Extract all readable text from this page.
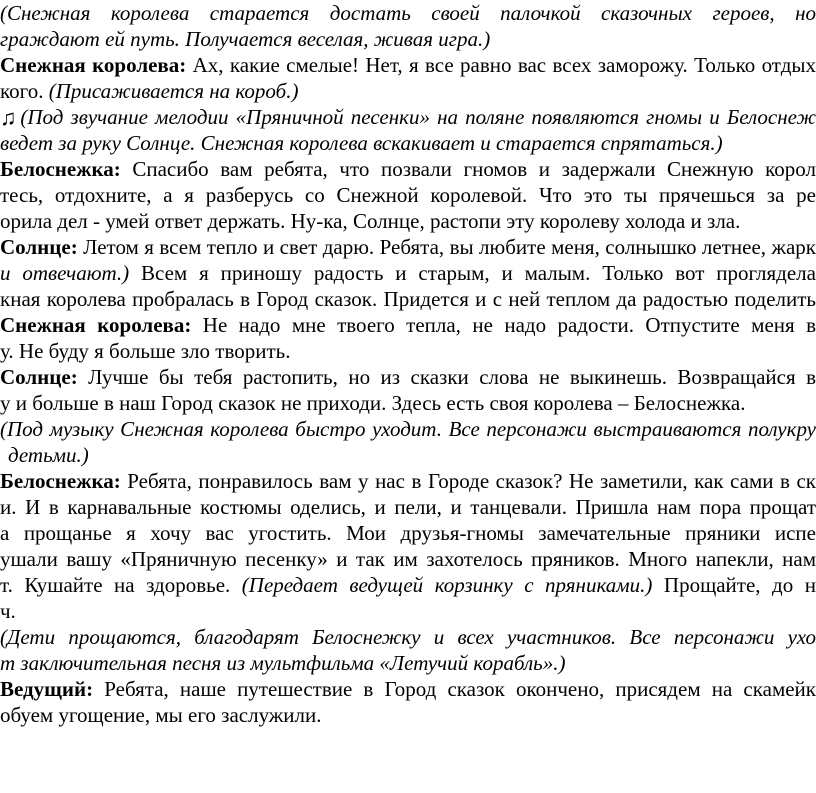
(Снежная королева старается достать своей палочкой сказочных героев, но
граждают ей путь. Получается веселая, живая игра.)
Снежная королева: Ах, какие смелые! Нет, я все равно вас всех заморожу. Только отдых
кого. (Присаживается на короб.)
♫(Под звучание мелодии «Пряничной песенки» на поляне появляются гномы и Белоснеж
ведет за руку Солнце. Снежная королева вскакивает и старается спрятаться.)
Белоснежка: Спасибо вам ребята, что позвали гномов и задержали Снежную корол
тесь, отдохните, а я разберусь со Снежной королевой. Что это ты прячешься за ре
орила дел - умей ответ держать. Ну-ка, Солнце, растопи эту королеву холода и зла.
Солнце: Летом я всем тепло и свет дарю. Ребята, вы любите меня, солнышко летнее, жарк
и отвечают.) Всем я приношу радость и старым, и малым. Только вот проглядела
кная королева пробралась в Город сказок. Придется и с ней теплом да радостью поделить
Снежная королева: Не надо мне твоего тепла, не надо радости. Отпустите меня в
у. Не буду я больше зло творить.
Солнце: Лучше бы тебя растопить, но из сказки слова не выкинешь. Возвращайся в
у и больше в наш Город сказок не приходи. Здесь есть своя королева – Белоснежка.
(Под музыку Снежная королева быстро уходит. Все персонажи выстраиваются полукру
детьми.)
Белоснежка: Ребята, понравилось вам у нас в Городе сказок? Не заметили, как сами в ск
и. И в карнавальные костюмы оделись, и пели, и танцевали. Пришла нам пора прощат
а прощанье я хочу вас угостить. Мои друзья-гномы замечательные пряники испе
ушали вашу «Пряничную песенку» и так им захотелось пряников. Много напекли, нам
т. Кушайте на здоровье. (Передает ведущей корзинку с пряниками.) Прощайте, до н
ч.
(Дети прощаются, благодарят Белоснежку и всех участников. Все персонажи ухо
т заключительная песня из мультфильма «Летучий корабль».)
Ведущий: Ребята, наше путешествие в Город сказок окончено, присядем на скамейк
обуем угощение, мы его заслужили.
